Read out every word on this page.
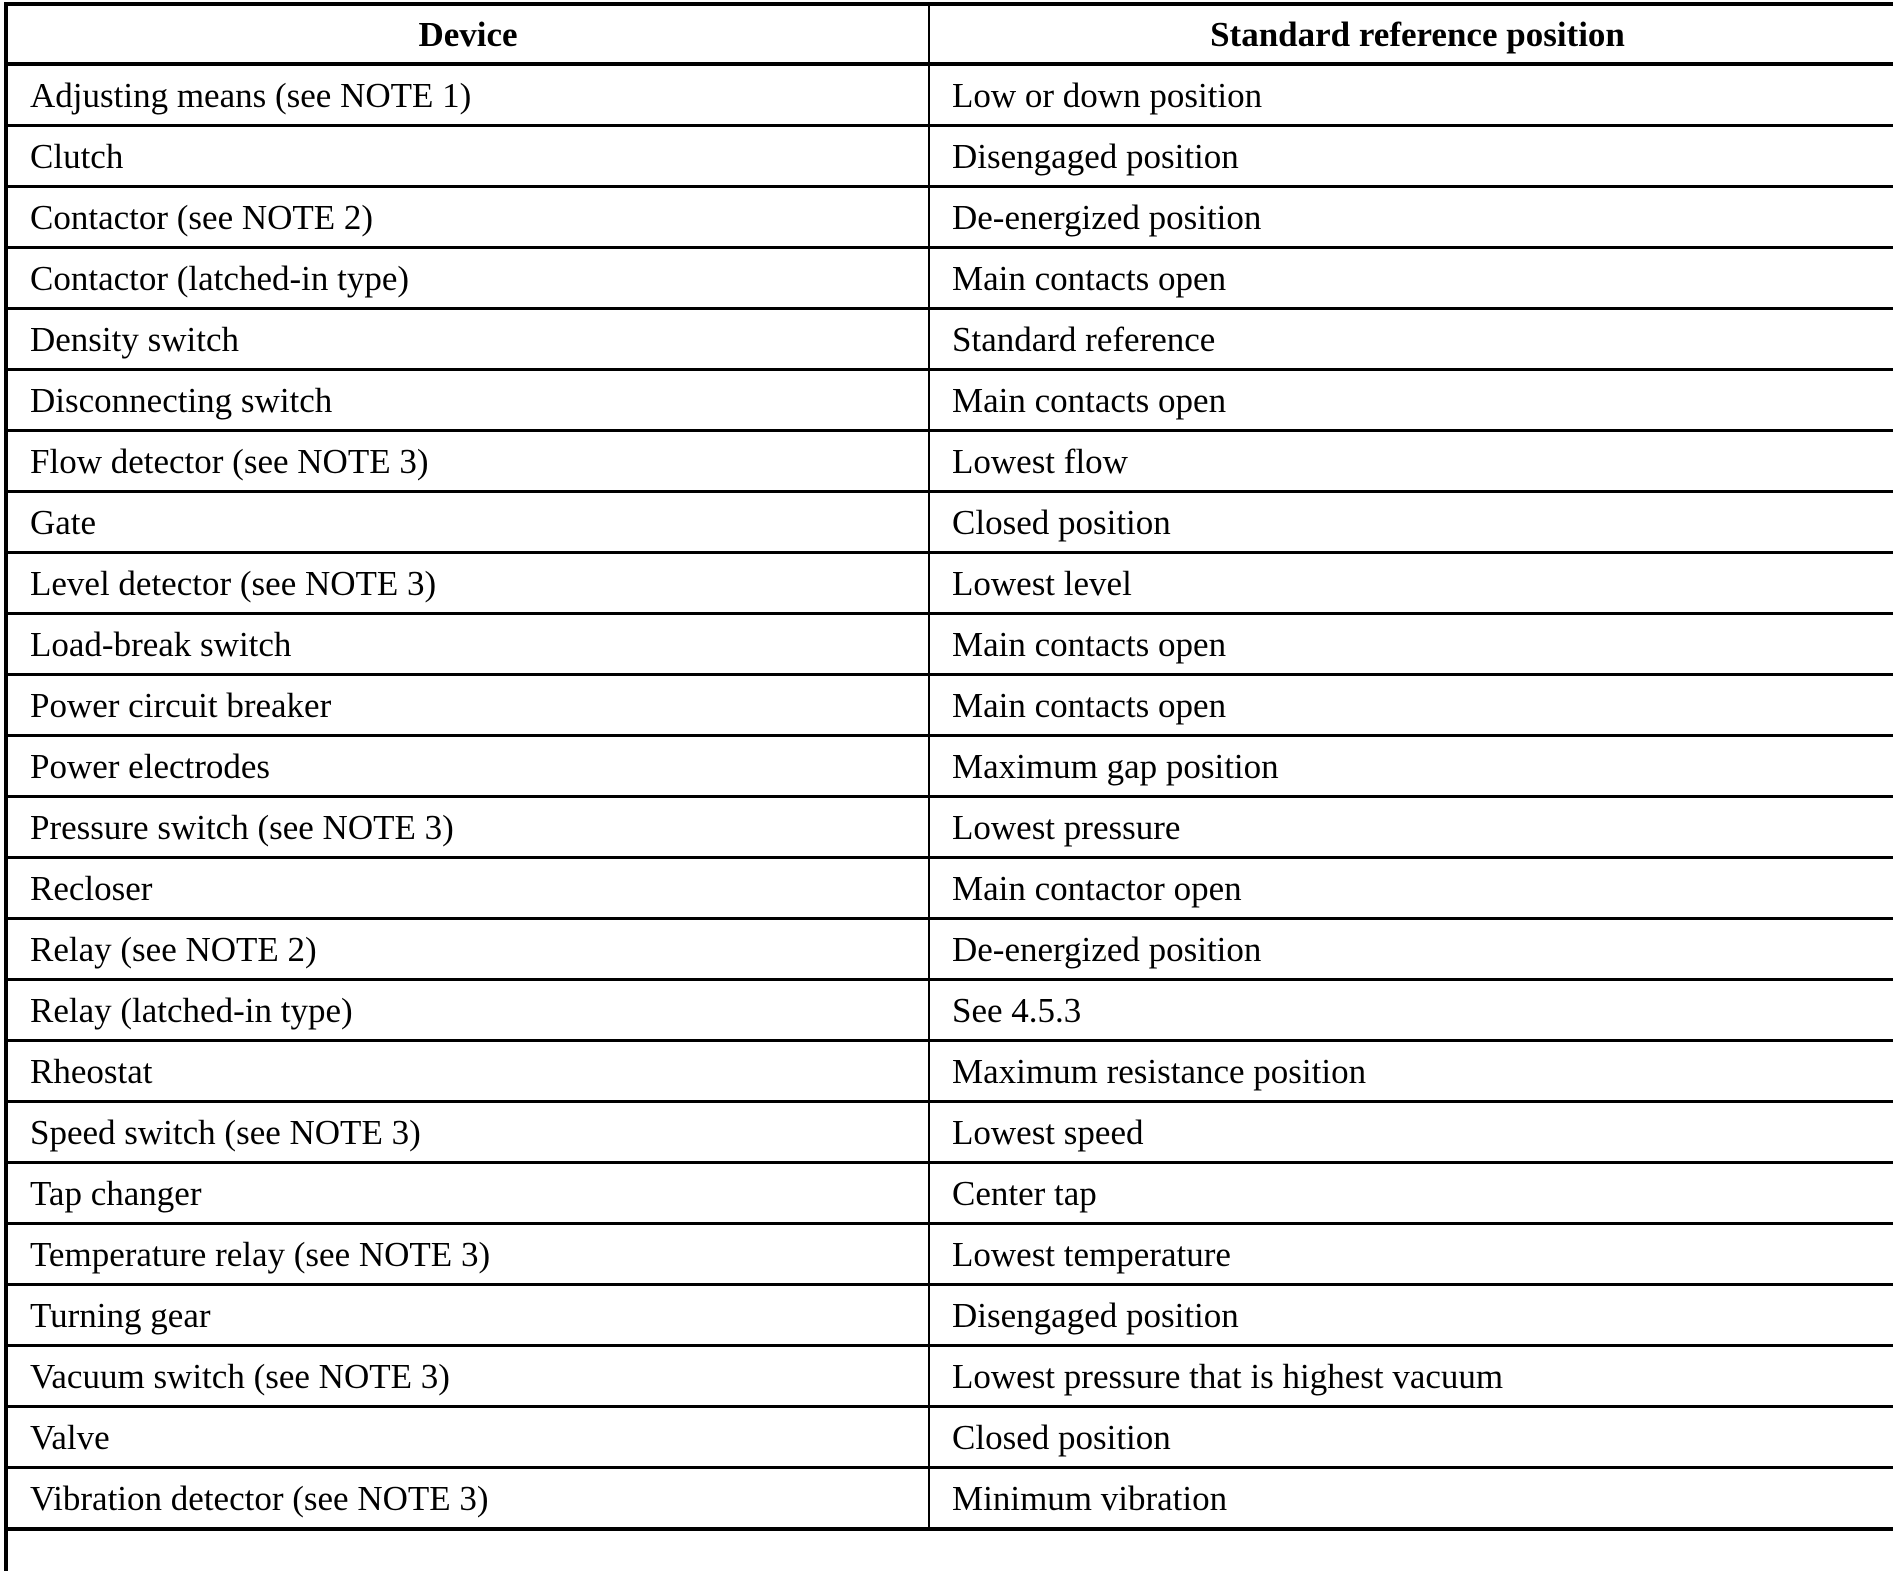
Device	Standard reference position
Adjusting means (see NOTE 1)	Low or down position
Clutch	Disengaged position
Contactor (see NOTE 2)	De-energized position
Contactor (latched-in type)	Main contacts open
Density switch	Standard reference
Disconnecting switch	Main contacts open
Flow detector (see NOTE 3)	Lowest flow
Gate	Closed position
Level detector (see NOTE 3)	Lowest level
Load-break switch	Main contacts open
Power circuit breaker	Main contacts open
Power electrodes	Maximum gap position
Pressure switch (see NOTE 3)	Lowest pressure
Recloser	Main contactor open
Relay (see NOTE 2)	De-energized position
Relay (latched-in type)	See 4.5.3
Rheostat	Maximum resistance position
Speed switch (see NOTE 3)	Lowest speed
Tap changer	Center tap
Temperature relay (see NOTE 3)	Lowest temperature
Turning gear	Disengaged position
Vacuum switch (see NOTE 3)	Lowest pressure that is highest vacuum
Valve	Closed position
Vibration detector (see NOTE 3)	Minimum vibration
